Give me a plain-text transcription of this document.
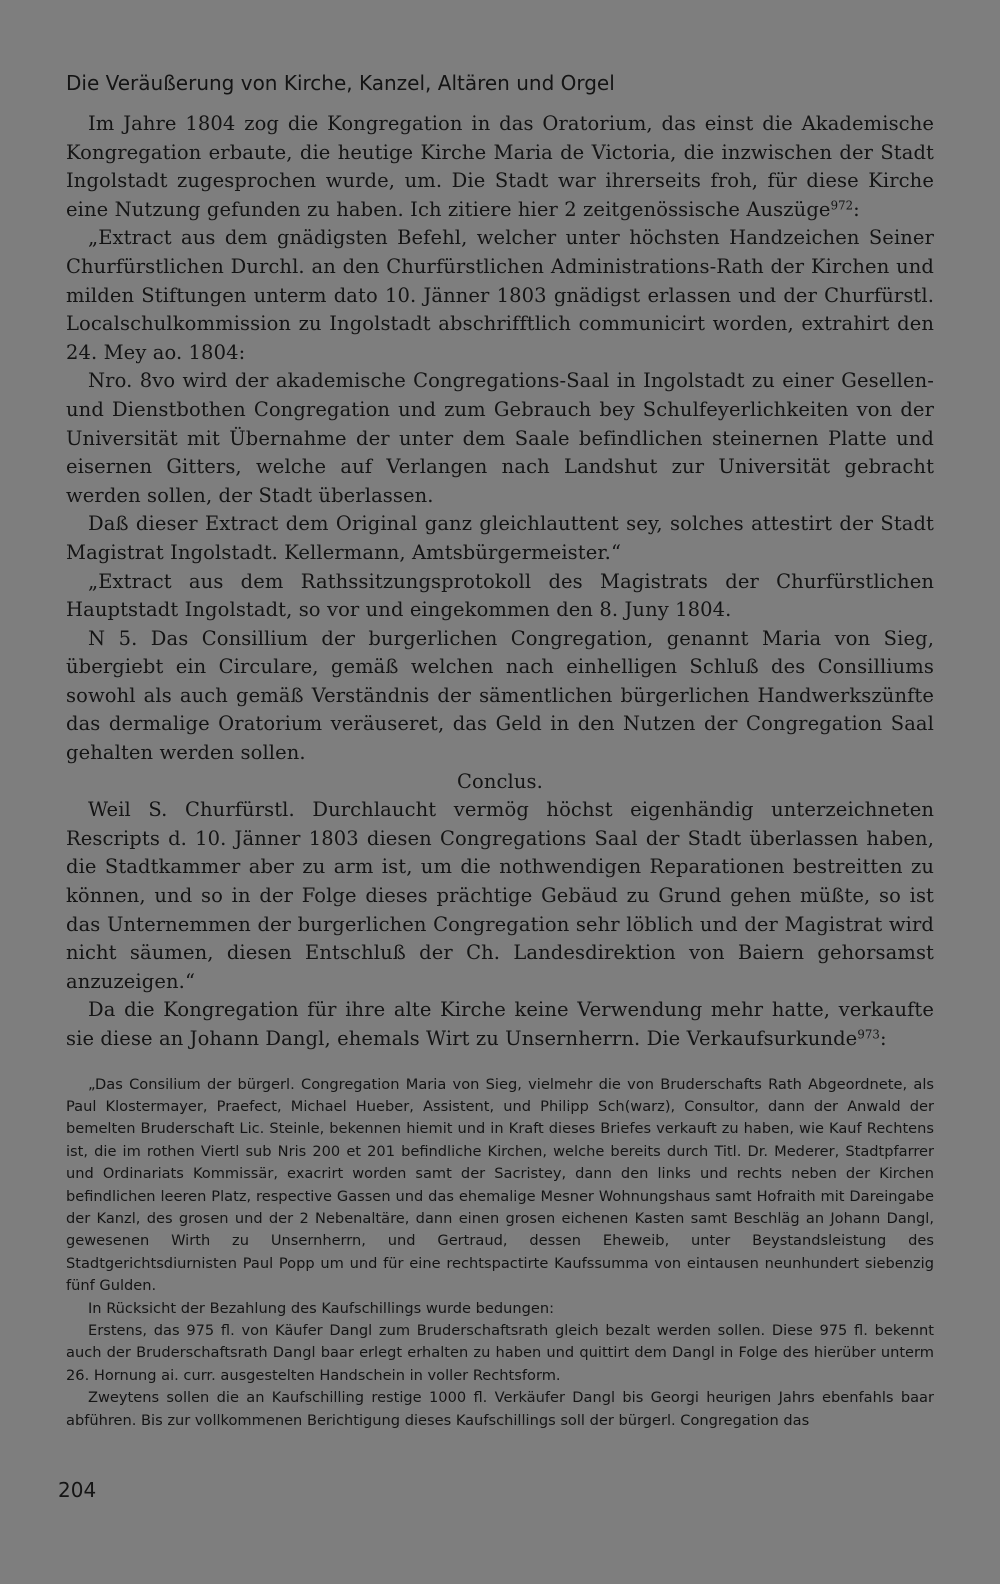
Die Veräußerung von Kirche, Kanzel, Altären und Orgel

Im Jahre 1804 zog die Kongregation in das Oratorium, das einst die Akademische Kongregation erbaute, die heutige Kirche Maria de Victoria, die inzwischen der Stadt Ingolstadt zugesprochen wurde, um. Die Stadt war ihrerseits froh, für diese Kirche eine Nutzung gefunden zu haben. Ich zitiere hier 2 zeitgenössische Auszüge$^{972}$:

„Extract aus dem gnädigsten Befehl, welcher unter höchsten Handzeichen Seiner Churfürstlichen Durchl. an den Churfürstlichen Administrations-Rath der Kirchen und milden Stiftungen unterm dato 10. Jänner 1803 gnädigst erlassen und der Churfürstl. Localschulkommission zu Ingolstadt abschrifftlich communicirt worden, extrahirt den 24. Mey ao. 1804:

Nro. 8vo wird der akademische Congregations-Saal in Ingolstadt zu einer Gesellen- und Dienstbothen Congregation und zum Gebrauch bey Schulfeyerlichkeiten von der Universität mit Übernahme der unter dem Saale befindlichen steinernen Platte und eisernen Gitters, welche auf Verlangen nach Landshut zur Universität gebracht werden sollen, der Stadt überlassen.

Daß dieser Extract dem Original ganz gleichlauttent sey, solches attestirt der Stadt Magistrat Ingolstadt. Kellermann, Amtsbürgermeister.“

„Extract aus dem Rathssitzungsprotokoll des Magistrats der Churfürstlichen Hauptstadt Ingolstadt, so vor und eingekommen den 8. Juny 1804.

N 5. Das Consillium der burgerlichen Congregation, genannt Maria von Sieg, übergiebt ein Circulare, gemäß welchen nach einhelligen Schluß des Consilliums sowohl als auch gemäß Verständnis der sämentlichen bürgerlichen Handwerkszünfte das dermalige Oratorium veräuseret, das Geld in den Nutzen der Congregation Saal gehalten werden sollen.

Conclus.

Weil S. Churfürstl. Durchlaucht vermög höchst eigenhändig unterzeichneten Rescripts d. 10. Jänner 1803 diesen Congregations Saal der Stadt überlassen haben, die Stadtkammer aber zu arm ist, um die nothwendigen Reparationen bestreitten zu können, und so in der Folge dieses prächtige Gebäud zu Grund gehen müßte, so ist das Unternemmen der burgerlichen Congregation sehr löblich und der Magistrat wird nicht säumen, diesen Entschluß der Ch. Landesdirektion von Baiern gehorsamst anzuzeigen.“

Da die Kongregation für ihre alte Kirche keine Verwendung mehr hatte, verkaufte sie diese an Johann Dangl, ehemals Wirt zu Unsernherrn. Die Verkaufsurkunde$^{973}$:

„Das Consilium der bürgerl. Congregation Maria von Sieg, vielmehr die von Bruderschafts Rath Abgeordnete, als Paul Klostermayer, Praefect, Michael Hueber, Assistent, und Philipp Sch(warz), Consultor, dann der Anwald der bemelten Bruderschaft Lic. Steinle, bekennen hiemit und in Kraft dieses Briefes verkauft zu haben, wie Kauf Rechtens ist, die im rothen Viertl sub Nris 200 et 201 befindliche Kirchen, welche bereits durch Titl. Dr. Mederer, Stadtpfarrer und Ordinariats Kommissär, exacrirt worden samt der Sacristey, dann den links und rechts neben der Kirchen befindlichen leeren Platz, respective Gassen und das ehemalige Mesner Wohnungshaus samt Hofraith mit Dareingabe der Kanzl, des grosen und der 2 Nebenaltäre, dann einen grosen eichenen Kasten samt Beschläg an Johann Dangl, gewesenen Wirth zu Unsernherrn, und Gertraud, dessen Eheweib, unter Beystandsleistung des Stadtgerichtsdiurnisten Paul Popp um und für eine rechtspactirte Kaufssumma von eintausen neunhundert siebenzig fünf Gulden.

In Rücksicht der Bezahlung des Kaufschillings wurde bedungen:

Erstens, das 975 fl. von Käufer Dangl zum Bruderschaftsrath gleich bezalt werden sollen. Diese 975 fl. bekennt auch der Bruderschaftsrath Dangl baar erlegt erhalten zu haben und quittirt dem Dangl in Folge des hierüber unterm 26. Hornung ai. curr. ausgestelten Handschein in voller Rechtsform.

Zweytens sollen die an Kaufschilling restige 1000 fl. Verkäufer Dangl bis Georgi heurigen Jahrs ebenfahls baar abführen. Bis zur vollkommenen Berichtigung dieses Kaufschillings soll der bürgerl. Congregation das

204
